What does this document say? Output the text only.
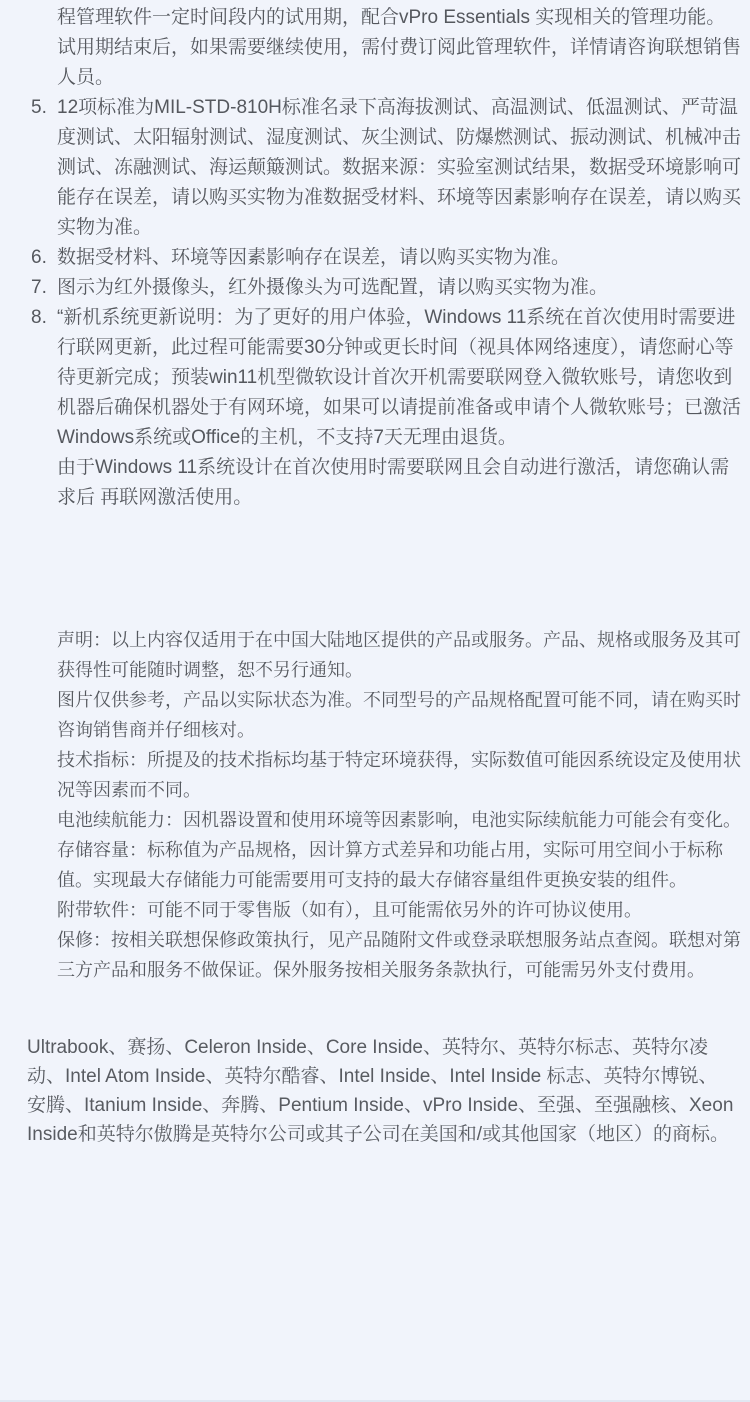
程管理软件一定时间段内的试用期，配合vPro Essentials 实现相关的管理功能。试用期结束后，如果需要继续使用，需付费订阅此管理软件，详情请咨询联想销售人员。

5. 12项标准为MIL-STD-810H标准名录下高海拔测试、高温测试、低温测试、严苛温度测试、太阳辐射测试、湿度测试、灰尘测试、防爆燃测试、振动测试、机械冲击测试、冻融测试、海运颠簸测试。数据来源：实验室测试结果，数据受环境影响可能存在误差，请以购买实物为准数据受材料、环境等因素影响存在误差，请以购买实物为准。

6. 数据受材料、环境等因素影响存在误差，请以购买实物为准。

7. 图示为红外摄像头，红外摄像头为可选配置，请以购买实物为准。

8. “新机系统更新说明：为了更好的用户体验，Windows 11系统在首次使用时需要进行联网更新，此过程可能需要30分钟或更长时间（视具体网络速度），请您耐心等待更新完成；预装win11机型微软设计首次开机需要联网登入微软账号，请您收到机器后确保机器处于有网环境，如果可以请提前准备或申请个人微软账号；已激活Windows系统或Office的主机，不支持7天无理由退货。

由于Windows 11系统设计在首次使用时需要联网且会自动进行激活，请您确认需求后 再联网激活使用。

声明：以上内容仅适用于在中国大陆地区提供的产品或服务。产品、规格或服务及其可获得性可能随时调整，恕不另行通知。

图片仅供参考，产品以实际状态为准。不同型号的产品规格配置可能不同，请在购买时咨询销售商并仔细核对。

技术指标：所提及的技术指标均基于特定环境获得，实际数值可能因系统设定及使用状况等因素而不同。

电池续航能力：因机器设置和使用环境等因素影响，电池实际续航能力可能会有变化。

存储容量：标称值为产品规格，因计算方式差异和功能占用，实际可用空间小于标称值。实现最大存储能力可能需要用可支持的最大存储容量组件更换安装的组件。

附带软件：可能不同于零售版（如有），且可能需依另外的许可协议使用。

保修：按相关联想保修政策执行，见产品随附文件或登录联想服务站点查阅。联想对第三方产品和服务不做保证。保外服务按相关服务条款执行，可能需另外支付费用。

Ultrabook、赛扬、Celeron Inside、Core Inside、英特尔、英特尔标志、英特尔凌动、Intel Atom Inside、英特尔酷睿、Intel Inside、Intel Inside 标志、英特尔博锐、安腾、Itanium Inside、奔腾、Pentium Inside、vPro Inside、至强、至强融核、Xeon Inside和英特尔傲腾是英特尔公司或其子公司在美国和/或其他国家（地区）的商标。
